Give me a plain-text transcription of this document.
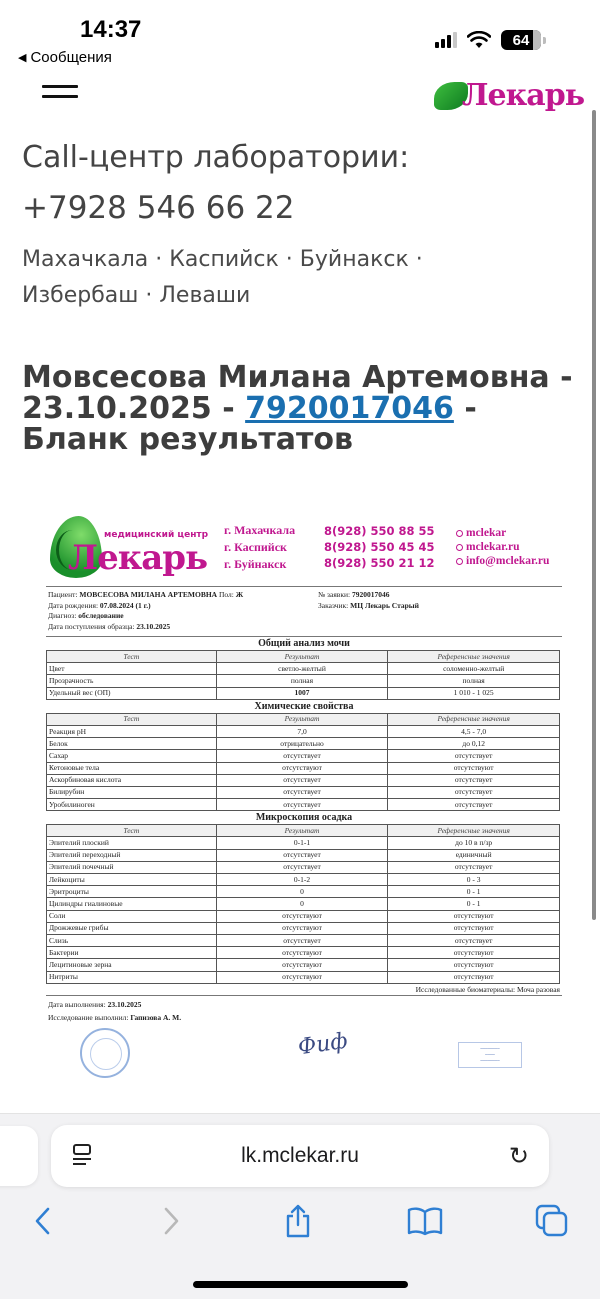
14:37
◀ Сообщения
64
Лекарь
Call-центр лаборатории:
+7928 546 66 22
Махачкала · Каспийск · Буйнакск ·
Избербаш · Леваши
Мовсесова Милана Артемовна - 23.10.2025 - 7920017046 - Бланк результатов
медицинский центр
Лекарь
г. Махачкала
г. Каспийск
г. Буйнакск
8(928) 550 88 55
8(928) 550 45 45
8(928) 550 21 12
mclekar
mclekar.ru
info@mclekar.ru
Пациент: МОВСЕСОВА МИЛАНА АРТЕМОВНА Пол: Ж
Дата рождения: 07.08.2024 (1 г.)
Диагноз: обследование
Дата поступления образца: 23.10.2025
№ заявки: 7920017046
Заказчик: МЦ Лекарь Старый
Общий анализ мочи
Тест	Результат	Референсные значения
Цвет	светло-желтый	соломенно-желтый
Прозрачность	полная	полная
Удельный вес (ОП)	1007	1 010 - 1 025
Химические свойства
Тест	Результат	Референсные значения
Реакция pH	7,0	4,5 - 7,0
Белок	отрицательно	до 0,12
Сахар	отсутствует	отсутствует
Кетоновые тела	отсутствуют	отсутствуют
Аскорбиновая кислота	отсутствует	отсутствует
Билирубин	отсутствует	отсутствует
Уробилиноген	отсутствует	отсутствует
Микроскопия осадка
Тест	Результат	Референсные значения
Эпителий плоский	0-1-1	до 10 в п/зр
Эпителий переходный	отсутствует	единичный
Эпителий почечный	отсутствует	отсутствует
Лейкоциты	0-1-2	0 - 3
Эритроциты	0	0 - 1
Цилиндры гиалиновые	0	0 - 1
Соли	отсутствуют	отсутствуют
Дрожжевые грибы	отсутствуют	отсутствуют
Слизь	отсутствует	отсутствует
Бактерии	отсутствуют	отсутствуют
Лецитиновые зерна	отсутствуют	отсутствуют
Нитриты	отсутствуют	отсутствуют
Исследованные биоматериалы: Моча разовая
Дата выполнения: 23.10.2025
Исследование выполнил: Гапизова А. М.
Фиф	━━━━━━━━
━━━━
━━━━━━━━
lk.mclekar.ru	↻
